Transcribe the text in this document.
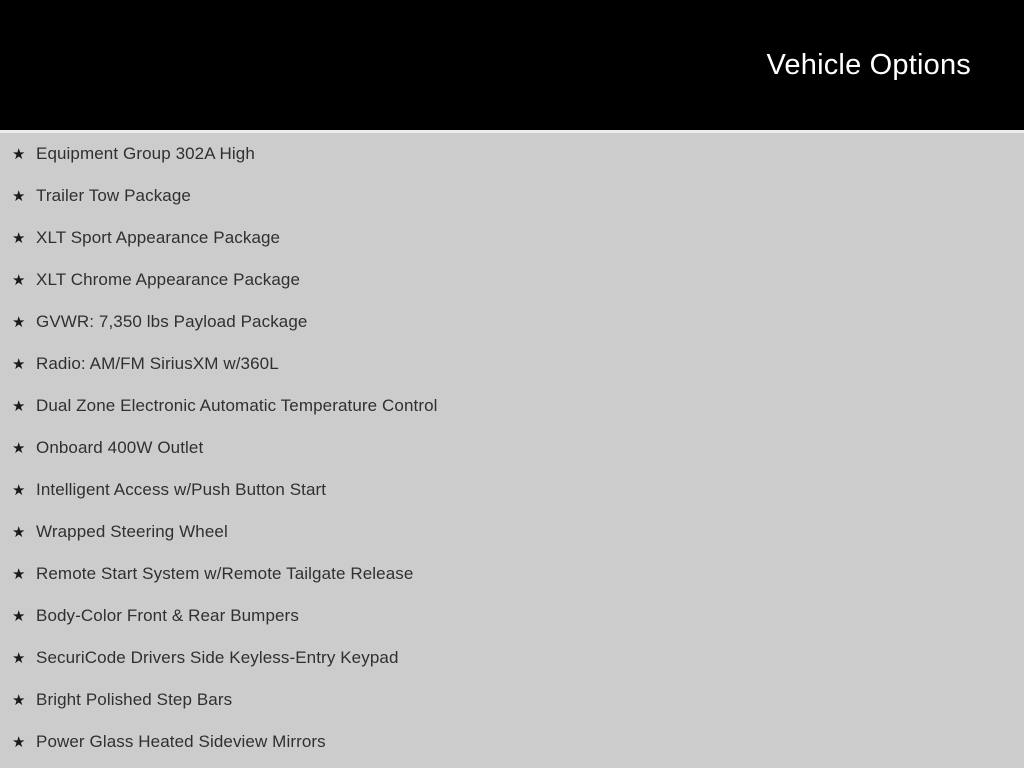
Vehicle Options
★ Equipment Group 302A High
★ Trailer Tow Package
★ XLT Sport Appearance Package
★ XLT Chrome Appearance Package
★ GVWR: 7,350 lbs Payload Package
★ Radio: AM/FM SiriusXM w/360L
★ Dual Zone Electronic Automatic Temperature Control
★ Onboard 400W Outlet
★ Intelligent Access w/Push Button Start
★ Wrapped Steering Wheel
★ Remote Start System w/Remote Tailgate Release
★ Body-Color Front & Rear Bumpers
★ SecuriCode Drivers Side Keyless-Entry Keypad
★ Bright Polished Step Bars
★ Power Glass Heated Sideview Mirrors
